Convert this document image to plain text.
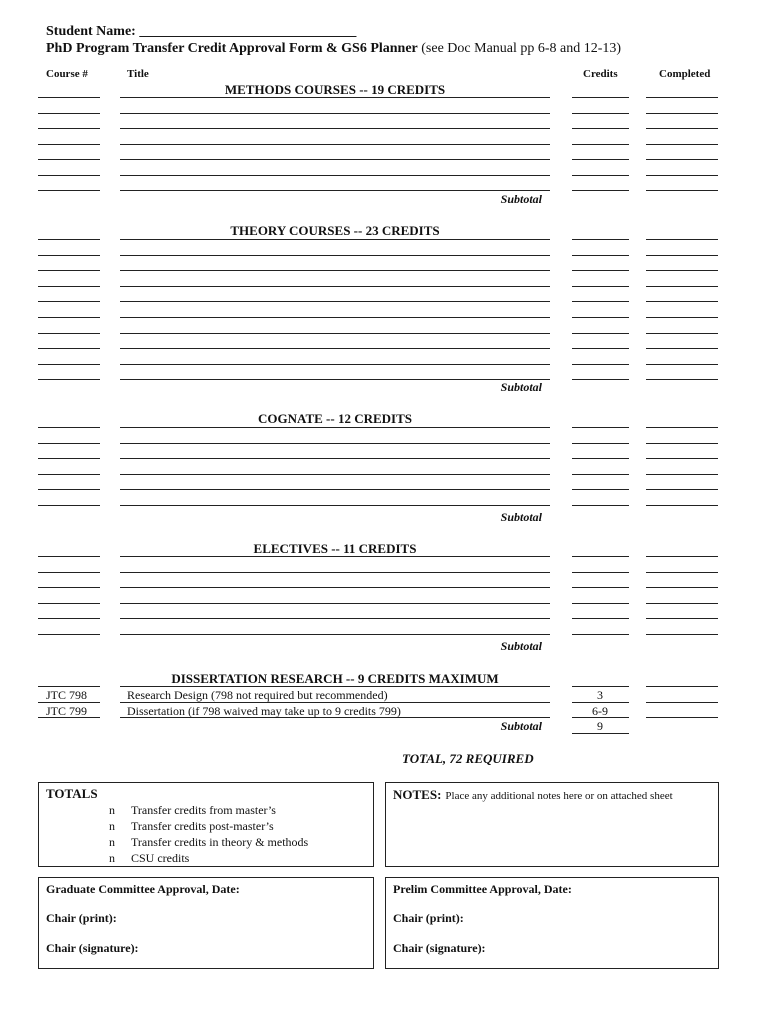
Student Name: _______________________________
PhD Program Transfer Credit Approval Form & GS6 Planner (see Doc Manual pp 6-8 and 12-13)
Course #	Title	Credits	Completed
METHODS COURSES -- 19 CREDITS
THEORY COURSES -- 23 CREDITS
COGNATE -- 12 CREDITS
ELECTIVES -- 11 CREDITS
Subtotal
Subtotal
Subtotal
Subtotal
DISSERTATION RESEARCH -- 9 CREDITS MAXIMUM
JTC 798	Research Design (798 not required but recommended)	3
JTC 799	Dissertation (if 798 waived may take up to 9 credits 799)	6-9
Subtotal	9
TOTAL, 72 REQUIRED
TOTALS
n Transfer credits from master’s
n Transfer credits post-master’s
n Transfer credits in theory & methods
n CSU credits
NOTES: Place any additional notes here or on attached sheet
Graduate Committee Approval, Date:
Chair (print):
Chair (signature):
Prelim Committee Approval, Date:
Chair (print):
Chair (signature):
